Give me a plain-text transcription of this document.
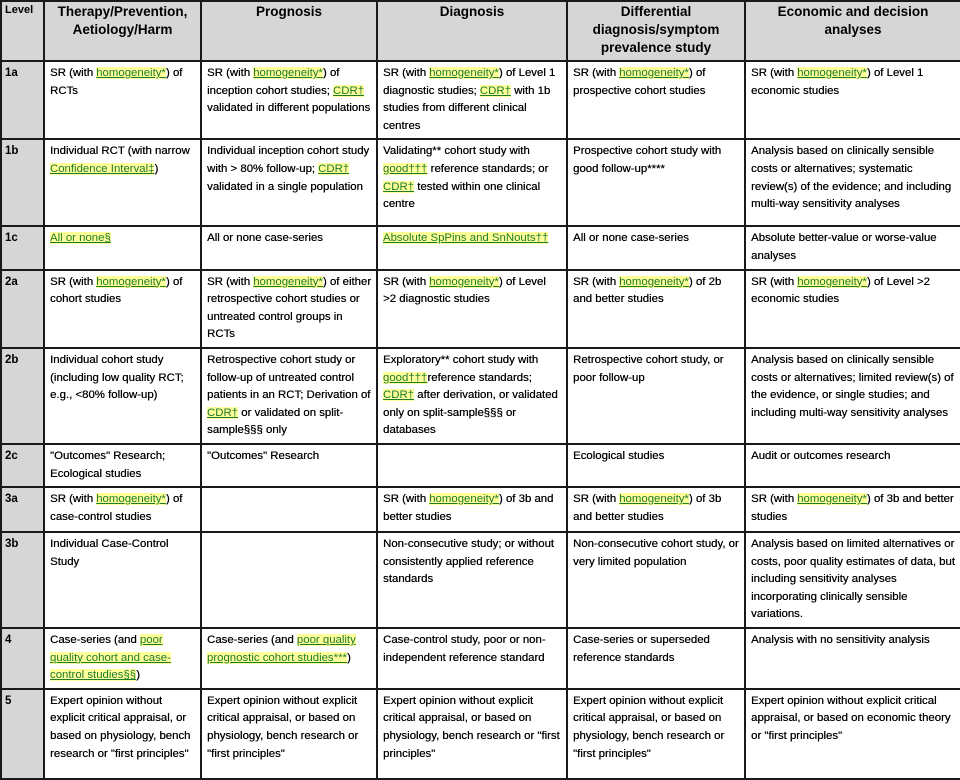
Level	Therapy/Prevention, Aetiology/Harm	Prognosis	Diagnosis	Differential diagnosis/symptom prevalence study	Economic and decision analyses
1a	SR (with homogeneity*) of RCTs	SR (with homogeneity*) of inception cohort studies; CDR† validated in different populations	SR (with homogeneity*) of Level 1 diagnostic studies; CDR† with 1b studies from different clinical centres	SR (with homogeneity*) of prospective cohort studies	SR (with homogeneity*) of Level 1 economic studies
1b	Individual RCT (with narrow Confidence Interval‡)	Individual inception cohort study with > 80% follow-up; CDR† validated in a single population	Validating** cohort study with good††† reference standards; or CDR† tested within one clinical centre	Prospective cohort study with good follow-up****	Analysis based on clinically sensible costs or alternatives; systematic review(s) of the evidence; and including multi-way sensitivity analyses
1c	All or none§	All or none case-series	Absolute SpPins and SnNouts††	All or none case-series	Absolute better-value or worse-value analyses
2a	SR (with homogeneity*) of cohort studies	SR (with homogeneity*) of either retrospective cohort studies or untreated control groups in RCTs	SR (with homogeneity*) of Level >2 diagnostic studies	SR (with homogeneity*) of 2b and better studies	SR (with homogeneity*) of Level >2 economic studies
2b	Individual cohort study (including low quality RCT; e.g., <80% follow-up)	Retrospective cohort study or follow-up of untreated control patients in an RCT; Derivation of CDR† or validated on split-sample§§§ only	Exploratory** cohort study with good†††reference standards; CDR† after derivation, or validated only on split-sample§§§ or databases	Retrospective cohort study, or poor follow-up	Analysis based on clinically sensible costs or alternatives; limited review(s) of the evidence, or single studies; and including multi-way sensitivity analyses
2c	"Outcomes" Research; Ecological studies	"Outcomes" Research		Ecological studies	Audit or outcomes research
3a	SR (with homogeneity*) of case-control studies		SR (with homogeneity*) of 3b and better studies	SR (with homogeneity*) of 3b and better studies	SR (with homogeneity*) of 3b and better studies
3b	Individual Case-Control Study		Non-consecutive study; or without consistently applied reference standards	Non-consecutive cohort study, or very limited population	Analysis based on limited alternatives or costs, poor quality estimates of data, but including sensitivity analyses incorporating clinically sensible variations.
4	Case-series (and poor quality cohort and case-control studies§§)	Case-series (and poor quality prognostic cohort studies***)	Case-control study, poor or non-independent reference standard	Case-series or superseded reference standards	Analysis with no sensitivity analysis
5	Expert opinion without explicit critical appraisal, or based on physiology, bench research or "first principles"	Expert opinion without explicit critical appraisal, or based on physiology, bench research or "first principles"	Expert opinion without explicit critical appraisal, or based on physiology, bench research or "first principles"	Expert opinion without explicit critical appraisal, or based on physiology, bench research or "first principles"	Expert opinion without explicit critical appraisal, or based on economic theory or "first principles"
